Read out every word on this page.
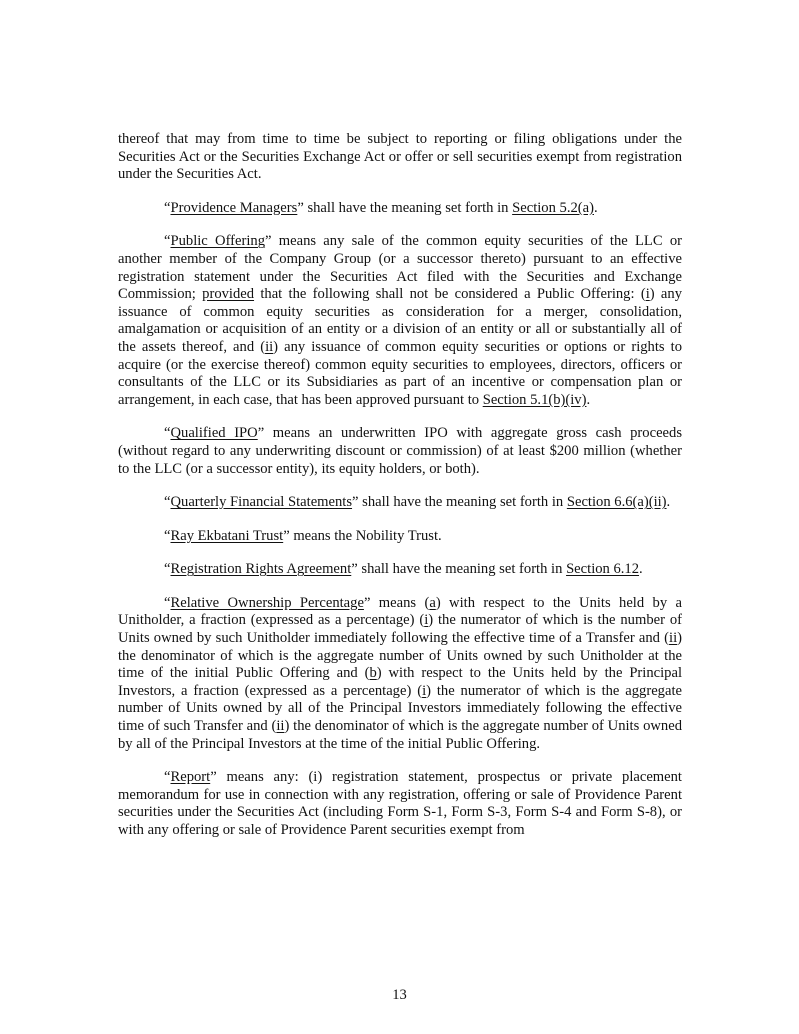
thereof that may from time to time be subject to reporting or filing obligations under the Securities Act or the Securities Exchange Act or offer or sell securities exempt from registration under the Securities Act.

“Providence Managers” shall have the meaning set forth in Section 5.2(a).

“Public Offering” means any sale of the common equity securities of the LLC or another member of the Company Group (or a successor thereto) pursuant to an effective registration statement under the Securities Act filed with the Securities and Exchange Commission; provided that the following shall not be considered a Public Offering: (i) any issuance of common equity securities as consideration for a merger, consolidation, amalgamation or acquisition of an entity or a division of an entity or all or substantially all of the assets thereof, and (ii) any issuance of common equity securities or options or rights to acquire (or the exercise thereof) common equity securities to employees, directors, officers or consultants of the LLC or its Subsidiaries as part of an incentive or compensation plan or arrangement, in each case, that has been approved pursuant to Section 5.1(b)(iv).

“Qualified IPO” means an underwritten IPO with aggregate gross cash proceeds (without regard to any underwriting discount or commission) of at least $200 million (whether to the LLC (or a successor entity), its equity holders, or both).

“Quarterly Financial Statements” shall have the meaning set forth in Section 6.6(a)(ii).

“Ray Ekbatani Trust” means the Nobility Trust.

“Registration Rights Agreement” shall have the meaning set forth in Section 6.12.

“Relative Ownership Percentage” means (a) with respect to the Units held by a Unitholder, a fraction (expressed as a percentage) (i) the numerator of which is the number of Units owned by such Unitholder immediately following the effective time of a Transfer and (ii) the denominator of which is the aggregate number of Units owned by such Unitholder at the time of the initial Public Offering and (b) with respect to the Units held by the Principal Investors, a fraction (expressed as a percentage) (i) the numerator of which is the aggregate number of Units owned by all of the Principal Investors immediately following the effective time of such Transfer and (ii) the denominator of which is the aggregate number of Units owned by all of the Principal Investors at the time of the initial Public Offering.

“Report” means any: (i) registration statement, prospectus or private placement memorandum for use in connection with any registration, offering or sale of Providence Parent securities under the Securities Act (including Form S-1, Form S-3, Form S-4 and Form S-8), or with any offering or sale of Providence Parent securities exempt from

13
